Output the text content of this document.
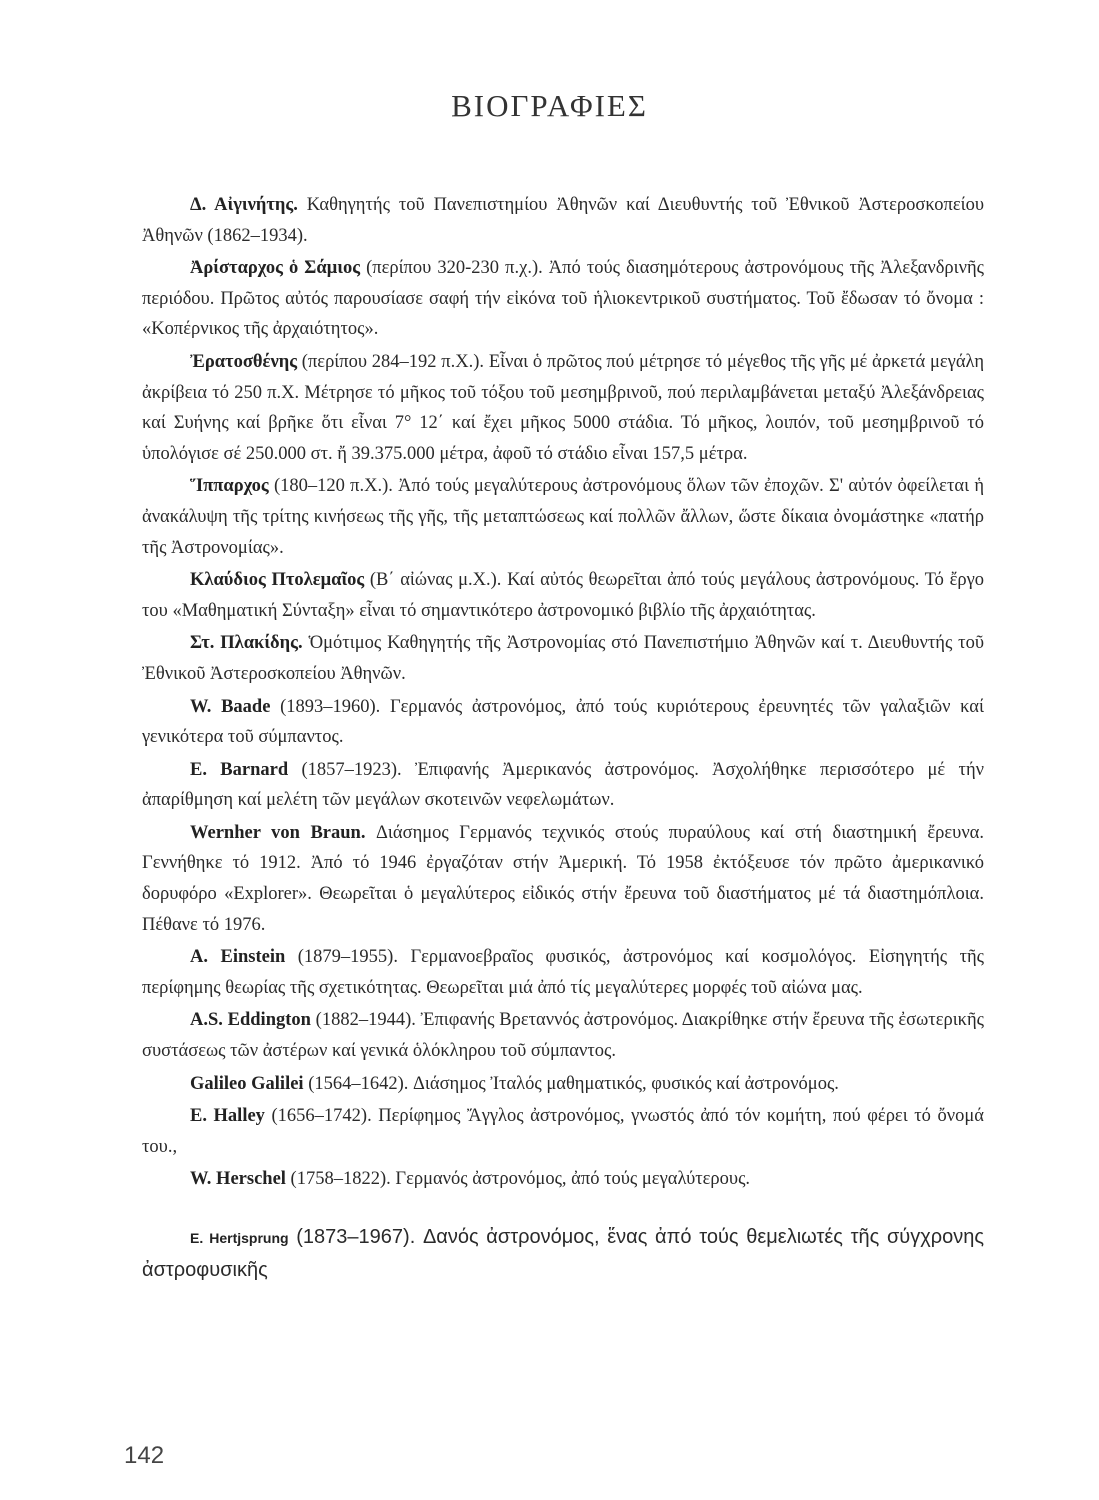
ΒΙΟΓΡΑΦΙΕΣ

Δ. Αἰγινήτης. Καθηγητής τοῦ Πανεπιστημίου Ἀθηνῶν καί Διευθυντής τοῦ Ἐθνικοῦ Ἀστεροσκοπείου Ἀθηνῶν (1862–1934).

Ἀρίσταρχος ὁ Σάμιος (περίπου 320-230 π.χ.). Ἀπό τούς διασημότερους ἀστρονόμους τῆς Ἀλεξανδρινῆς περιόδου. Πρῶτος αὐτός παρουσίασε σαφή τήν εἰκόνα τοῦ ἡλιοκεντρικοῦ συστήματος. Τοῦ ἔδωσαν τό ὄνομα : «Κοπέρνικος τῆς ἀρχαιότητος».

Ἐρατοσθένης (περίπου 284–192 π.Χ.). Εἶναι ὁ πρῶτος πού μέτρησε τό μέγεθος τῆς γῆς μέ ἀρκετά μεγάλη ἀκρίβεια τό 250 π.Χ. Μέτρησε τό μῆκος τοῦ τόξου τοῦ μεσημβρινοῦ, πού περιλαμβάνεται μεταξύ Ἀλεξάνδρειας καί Συήνης καί βρῆκε ὅτι εἶναι 7° 12΄ καί ἔχει μῆκος 5000 στάδια. Τό μῆκος, λοιπόν, τοῦ μεσημβρινοῦ τό ὑπολόγισε σέ 250.000 στ. ἤ 39.375.000 μέτρα, ἀφοῦ τό στάδιο εἶναι 157,5 μέτρα.

Ἵππαρχος (180–120 π.Χ.). Ἀπό τούς μεγαλύτερους ἀστρονόμους ὅλων τῶν ἐποχῶν. Σ' αὐτόν ὀφείλεται ἡ ἀνακάλυψη τῆς τρίτης κινήσεως τῆς γῆς, τῆς μεταπτώσεως καί πολλῶν ἄλλων, ὥστε δίκαια ὀνομάστηκε «πατήρ τῆς Ἀστρονομίας».

Κλαύδιος Πτολεμαῖος (Β΄ αἰώνας μ.Χ.). Καί αὐτός θεωρεῖται ἀπό τούς μεγάλους ἀστρονόμους. Τό ἔργο του «Μαθηματική Σύνταξη» εἶναι τό σημαντικότερο ἀστρονομικό βιβλίο τῆς ἀρχαιότητας.

Στ. Πλακίδης. Ὁμότιμος Καθηγητής τῆς Ἀστρονομίας στό Πανεπιστήμιο Ἀθηνῶν καί τ. Διευθυντής τοῦ Ἐθνικοῦ Ἀστεροσκοπείου Ἀθηνῶν.

W. Baade (1893–1960). Γερμανός ἀστρονόμος, ἀπό τούς κυριότερους ἐρευνητές τῶν γαλαξιῶν καί γενικότερα τοῦ σύμπαντος.

E. Barnard (1857–1923). Ἐπιφανής Ἀμερικανός ἀστρονόμος. Ἀσχολήθηκε περισσότερο μέ τήν ἀπαρίθμηση καί μελέτη τῶν μεγάλων σκοτεινῶν νεφελωμάτων.

Wernher von Braun. Διάσημος Γερμανός τεχνικός στούς πυραύλους καί στή διαστημική ἔρευνα. Γεννήθηκε τό 1912. Ἀπό τό 1946 ἐργαζόταν στήν Ἀμερική. Τό 1958 ἐκτόξευσε τόν πρῶτο ἀμερικανικό δορυφόρο «Explorer». Θεωρεῖται ὁ μεγαλύτερος εἰδικός στήν ἔρευνα τοῦ διαστήματος μέ τά διαστημόπλοια. Πέθανε τό 1976.

A. Einstein (1879–1955). Γερμανοεβραῖος φυσικός, ἀστρονόμος καί κοσμολόγος. Εἰσηγητής τῆς περίφημης θεωρίας τῆς σχετικότητας. Θεωρεῖται μιά ἀπό τίς μεγαλύτερες μορφές τοῦ αἰώνα μας.

A.S. Eddington (1882–1944). Ἐπιφανής Βρεταννός ἀστρονόμος. Διακρίθηκε στήν ἔρευνα τῆς ἐσωτερικῆς συστάσεως τῶν ἀστέρων καί γενικά ὁλόκληρου τοῦ σύμπαντος.

Galileo Galilei (1564–1642). Διάσημος Ἰταλός μαθηματικός, φυσικός καί ἀστρονόμος.

E. Halley (1656–1742). Περίφημος Ἄγγλος ἀστρονόμος, γνωστός ἀπό τόν κομήτη, πού φέρει τό ὄνομά του.,

W. Herschel (1758–1822). Γερμανός ἀστρονόμος, ἀπό τούς μεγαλύτερους.

E. Hertjsprung (1873–1967). Δανός ἀστρονόμος, ἕνας ἀπό τούς θεμελιωτές τῆς σύγχρονης ἀστροφυσικῆς

142
